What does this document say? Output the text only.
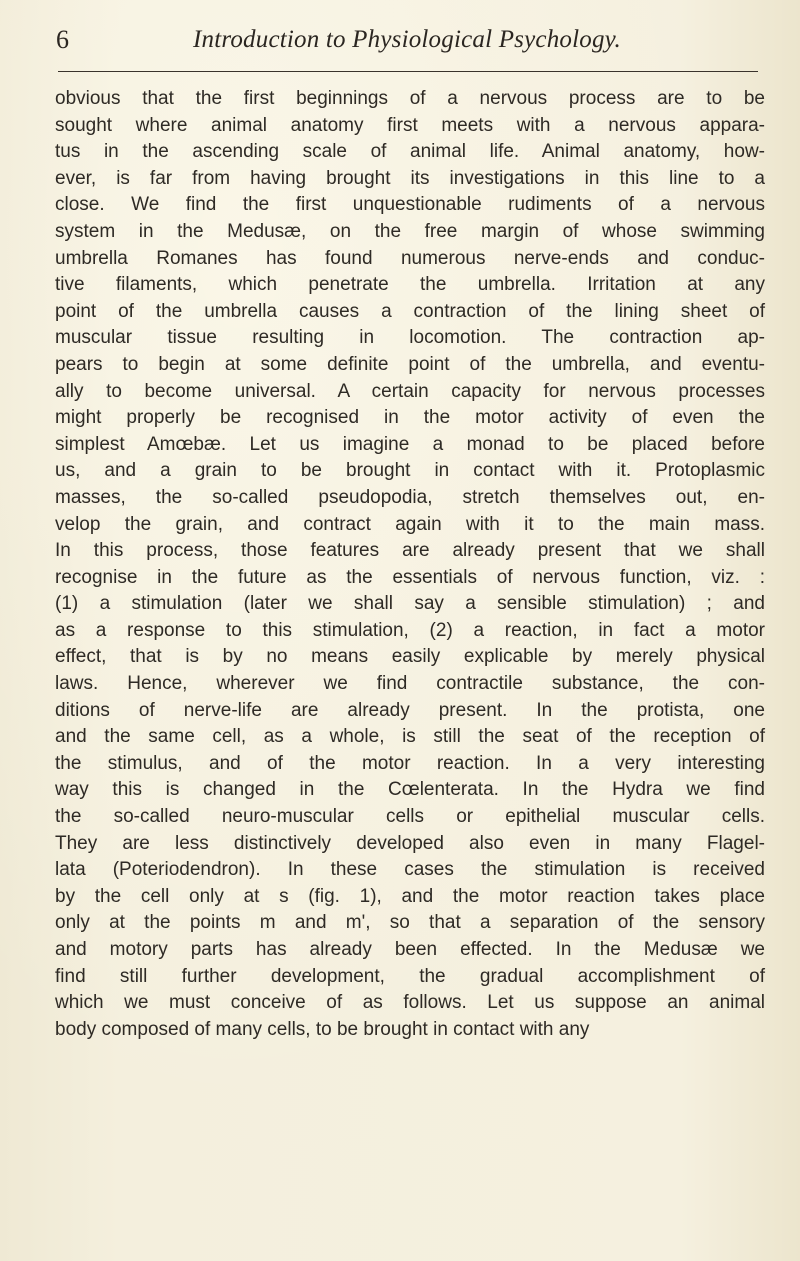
6	Introduction to Physiological Psychology.
obvious that the first beginnings of a nervous process are to be
sought where animal anatomy first meets with a nervous appara-
tus in the ascending scale of animal life. Animal anatomy, how-
ever, is far from having brought its investigations in this line to a
close. We find the first unquestionable rudiments of a nervous
system in the Medusæ, on the free margin of whose swimming
umbrella Romanes has found numerous nerve-ends and conduc-
tive filaments, which penetrate the umbrella. Irritation at any
point of the umbrella causes a contraction of the lining sheet of
muscular tissue resulting in locomotion. The contraction ap-
pears to begin at some definite point of the umbrella, and eventu-
ally to become universal. A certain capacity for nervous processes
might properly be recognised in the motor activity of even the
simplest Amœbæ. Let us imagine a monad to be placed before
us, and a grain to be brought in contact with it. Protoplasmic
masses, the so-called pseudopodia, stretch themselves out, en-
velop the grain, and contract again with it to the main mass.
In this process, those features are already present that we shall
recognise in the future as the essentials of nervous function, viz. :
(1) a stimulation (later we shall say a sensible stimulation) ; and
as a response to this stimulation, (2) a reaction, in fact a motor
effect, that is by no means easily explicable by merely physical
laws. Hence, wherever we find contractile substance, the con-
ditions of nerve-life are already present. In the protista, one
and the same cell, as a whole, is still the seat of the reception of
the stimulus, and of the motor reaction. In a very interesting
way this is changed in the Cœlenterata. In the Hydra we find
the so-called neuro-muscular cells or epithelial muscular cells.
They are less distinctively developed also even in many Flagel-
lata (Poteriodendron). In these cases the stimulation is received
by the cell only at s (fig. 1), and the motor reaction takes place
only at the points m and m', so that a separation of the sensory
and motory parts has already been effected. In the Medusæ we
find still further development, the gradual accomplishment of
which we must conceive of as follows. Let us suppose an animal
body composed of many cells, to be brought in contact with any
